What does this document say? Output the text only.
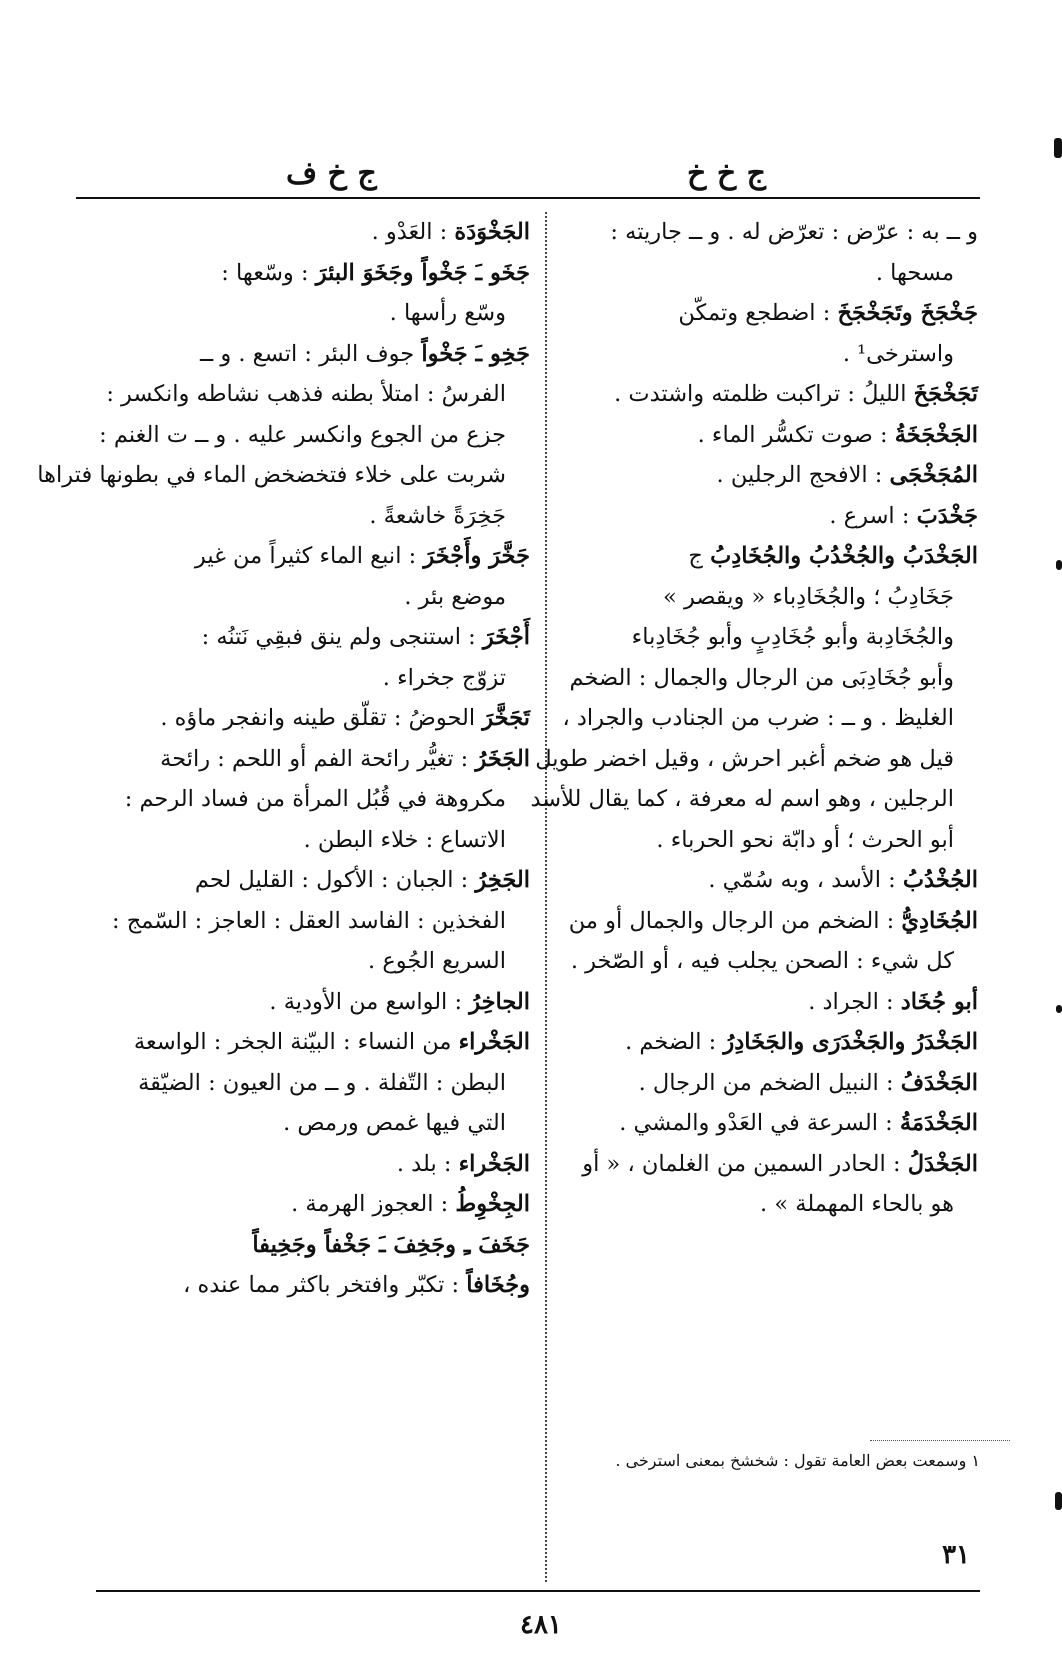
ج خ خ
ج خ ف
و ــ به : عرّض : تعرّض له . و ــ جاريته :
مسحها .
جَخْجَخَ وتَجَخْجَخَ : اضطجع وتمكّن
واسترخى¹ .
تَجَخْجَخَ الليلُ : تراكبت ظلمته واشتدت .
الجَخْجَخَةُ : صوت تكسُّر الماء .
المُجَخْجَى : الافحج الرجلين .
جَخْدَبَ : اسرع .
الجَخْدَبُ والجُخْدُبُ والجُخَادِبُ ج
جَخَادِبُ ؛ والجُخَادِباء « ويقصر »
والجُخَادِبة وأبو جُخَادِبٍ وأبو جُخَادِباء
وأبو جُخَادِبَى من الرجال والجمال : الضخم
الغليظ . و ــ : ضرب من الجنادب والجراد ،
قيل هو ضخم أغبر احرش ، وقيل اخضر طويل
الرجلين ، وهو اسم له معرفة ، كما يقال للأسد
أبو الحرث ؛ أو دابّة نحو الحرباء .
الجُخْدُبُ : الأسد ، وبه سُمّي .
الجُخَادِيُّ : الضخم من الرجال والجمال أو من
كل شيء : الصحن يجلب فيه ، أو الصّخر .
أبو جُخَاد : الجراد .
الجَخْدَرُ والجَخْدَرَى والجَخَادِرُ : الضخم .
الجَخْدَفُ : النبيل الضخم من الرجال .
الجَخْدَمَةُ : السرعة في العَدْو والمشي .
الجَخْدَلُ : الحادر السمين من الغلمان ، « أو
هو بالحاء المهملة » .
الجَخْوَدَة : العَدْو .
جَخَو ـَ جَخْواً وجَخَوَ البئرَ : وسّعها :
وسّع رأسها .
جَخِو ـَ جَخْواً جوف البئر : اتسع . و ــ
الفرسُ : امتلأ بطنه فذهب نشاطه وانكسر :
جزع من الجوع وانكسر عليه . و ــ ت الغنم :
شربت على خلاء فتخضخض الماء في بطونها فتراها
جَخِرَةً خاشعةً .
جَخَّرَ وأَجْخَرَ : انبع الماء كثيراً من غير
موضع بئر .
أَجْخَرَ : استنجى ولم ينق فبقِي نَتنُه :
تزوّج جخراء .
تَجَخَّرَ الحوضُ : تقلّق طينه وانفجر ماؤه .
الجَخَرُ : تغيُّر رائحة الفم أو اللحم : رائحة
مكروهة في قُبُل المرأة من فساد الرحم :
الاتساع : خلاء البطن .
الجَخِرُ : الجبان : الأكول : القليل لحم
الفخذين : الفاسد العقل : العاجز : السّمج :
السريع الجُوع .
الجاخِرُ : الواسع من الأودية .
الجَخْراء من النساء : البيّنة الجخر : الواسعة
البطن : التّفلة . و ــ من العيون : الضيّقة
التي فيها غمص ورمص .
الجَخْراء : بلد .
الجِخْوِطُ : العجوز الهرمة .
جَخَفَ ـِ وجَخِفَ ـَ جَخْفاً وجَخِيفاً
وجُخَافاً : تكبّر وافتخر باكثر مما عنده ،
١ وسمعت بعض العامة تقول : شخشخ بمعنى استرخى .
٣١
٤٨١
